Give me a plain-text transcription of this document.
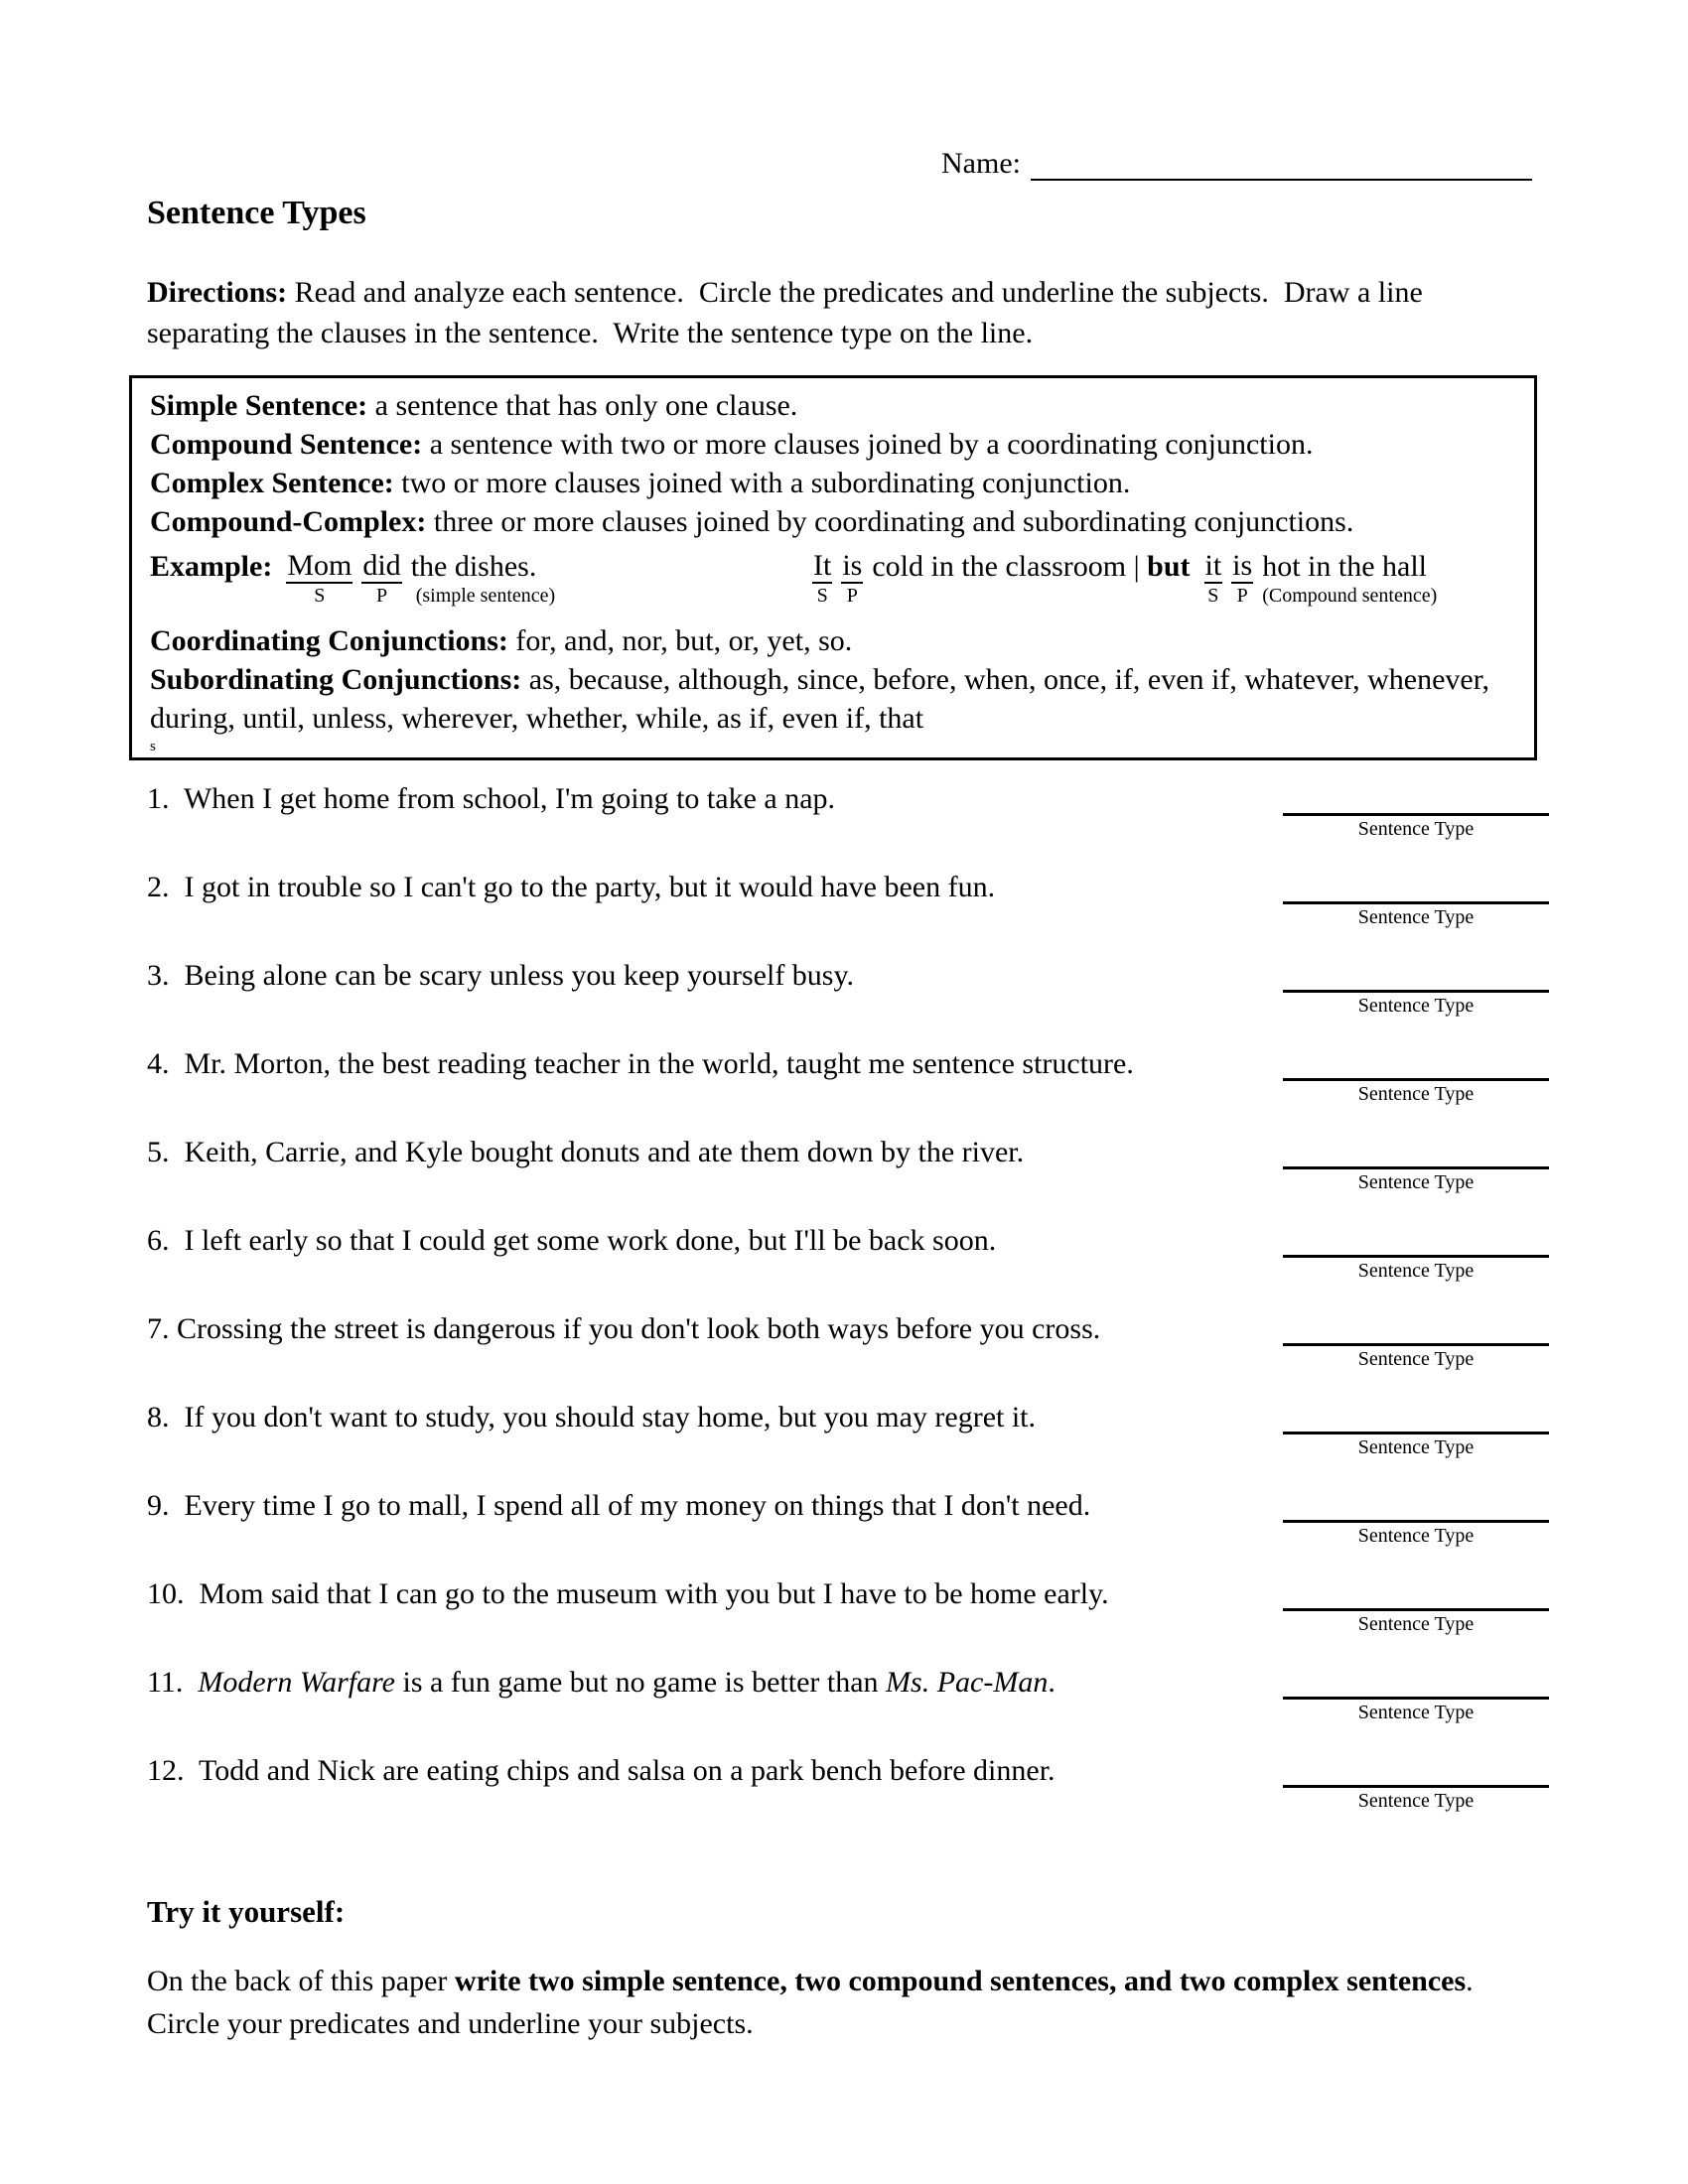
Name:
Sentence Types

Directions: Read and analyze each sentence.  Circle the predicates and underline the subjects.  Draw a line separating the clauses in the sentence.  Write the sentence type on the line.

Simple Sentence: a sentence that has only one clause.

Compound Sentence: a sentence with two or more clauses joined by a coordinating conjunction.

Complex Sentence: two or more clauses joined with a subordinating conjunction.

Compound-Complex: three or more clauses joined by coordinating and subordinating conjunctions.

Example: Mom
S
did
P
the dishes.
(simple sentence)
It
S
is
P
cold in the classroom | but it
S
is
P
hot in the hall
(Compound sentence)

Coordinating Conjunctions: for, and, nor, but, or, yet, so.

Subordinating Conjunctions: as, because, although, since, before, when, once, if, even if, whatever, whenever, during, until, unless, wherever, whether, while, as if, even if, that

s

1.  When I get home from school, I'm going to take a nap.
Sentence Type
2.  I got in trouble so I can't go to the party, but it would have been fun.
Sentence Type
3.  Being alone can be scary unless you keep yourself busy.
Sentence Type
4.  Mr. Morton, the best reading teacher in the world, taught me sentence structure.
Sentence Type
5.  Keith, Carrie, and Kyle bought donuts and ate them down by the river.
Sentence Type
6.  I left early so that I could get some work done, but I'll be back soon.
Sentence Type
7. Crossing the street is dangerous if you don't look both ways before you cross.
Sentence Type
8.  If you don't want to study, you should stay home, but you may regret it.
Sentence Type
9.  Every time I go to mall, I spend all of my money on things that I don't need.
Sentence Type
10.  Mom said that I can go to the museum with you but I have to be home early.
Sentence Type
11.  Modern Warfare is a fun game but no game is better than Ms. Pac-Man.
Sentence Type
12.  Todd and Nick are eating chips and salsa on a park bench before dinner.
Sentence Type

Try it yourself:

On the back of this paper write two simple sentence, two compound sentences, and two complex sentences.  Circle your predicates and underline your subjects.
